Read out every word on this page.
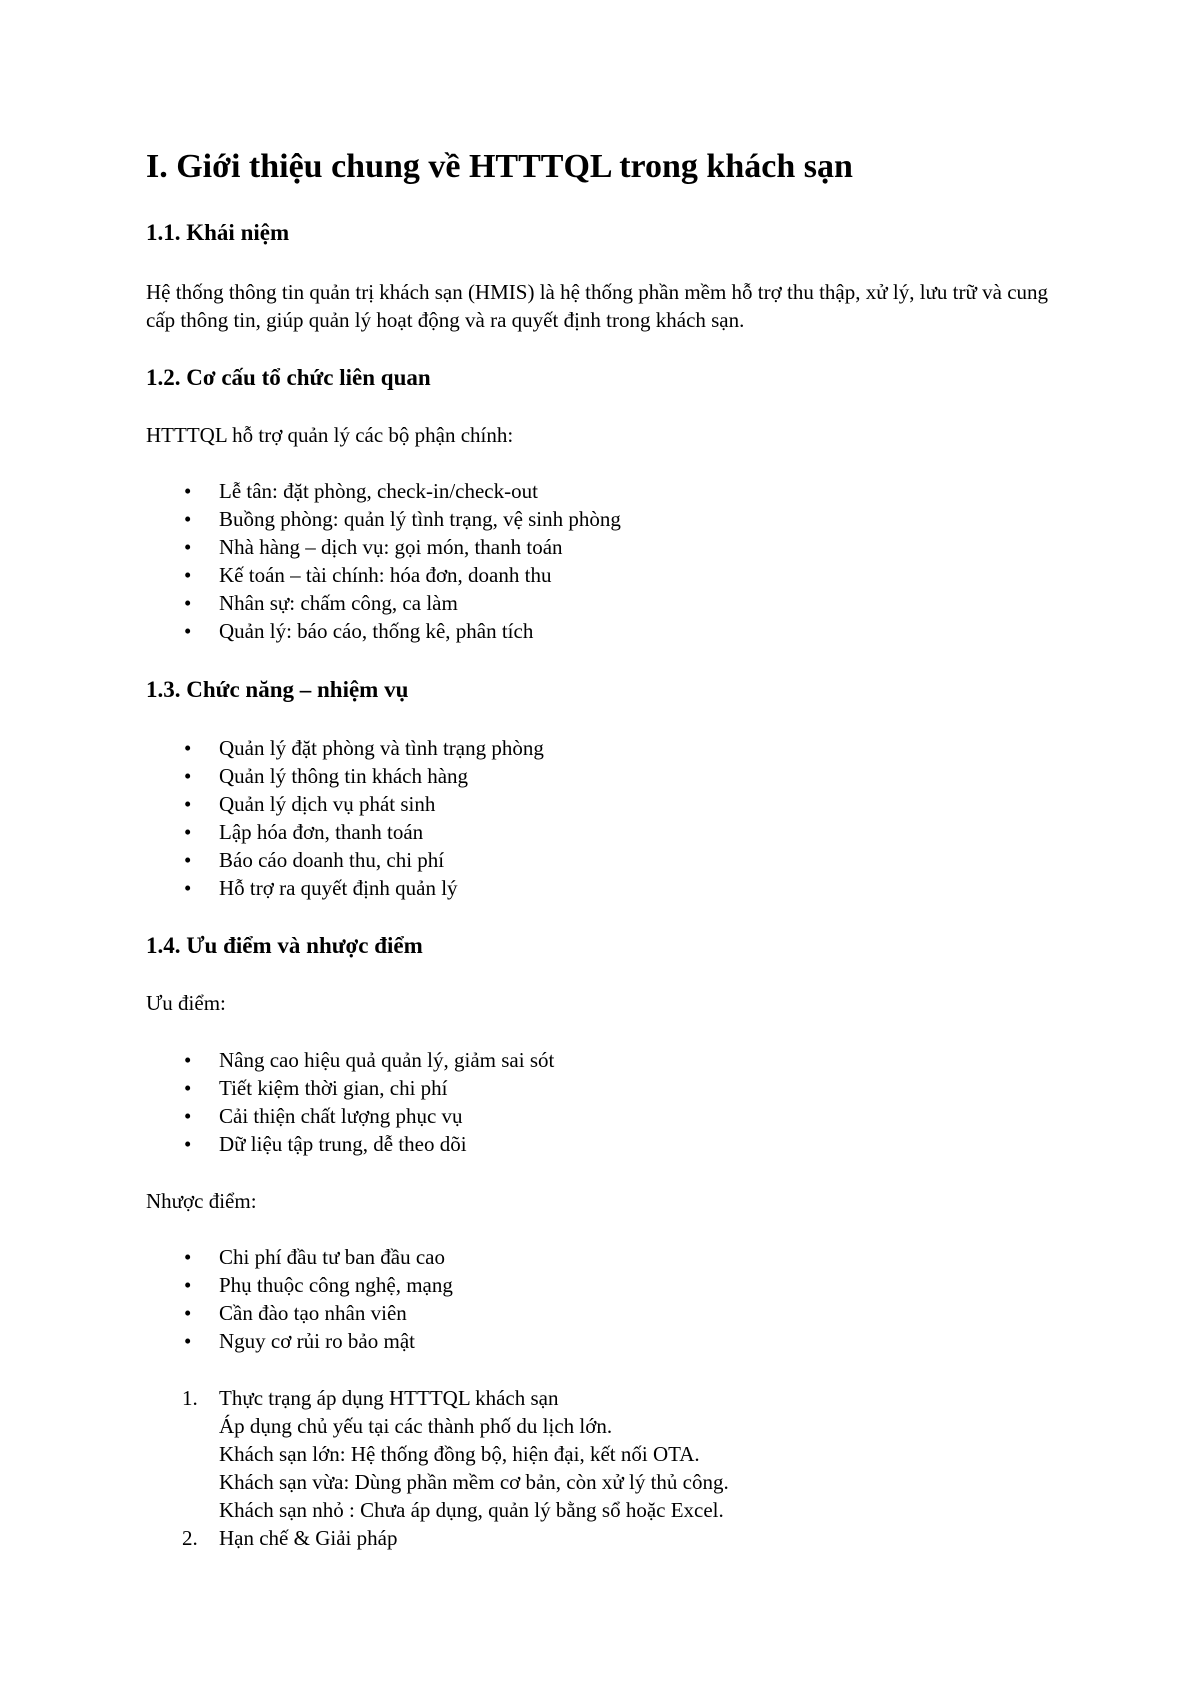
I. Giới thiệu chung về HTTTQL trong khách sạn
1.1. Khái niệm

Hệ thống thông tin quản trị khách sạn (HMIS) là hệ thống phần mềm hỗ trợ thu thập, xử lý, lưu trữ và cung cấp thông tin, giúp quản lý hoạt động và ra quyết định trong khách sạn.

1.2. Cơ cấu tổ chức liên quan

HTTTQL hỗ trợ quản lý các bộ phận chính:

• Lễ tân: đặt phòng, check-in/check-out
• Buồng phòng: quản lý tình trạng, vệ sinh phòng
• Nhà hàng – dịch vụ: gọi món, thanh toán
• Kế toán – tài chính: hóa đơn, doanh thu
• Nhân sự: chấm công, ca làm
• Quản lý: báo cáo, thống kê, phân tích
1.3. Chức năng – nhiệm vụ
• Quản lý đặt phòng và tình trạng phòng
• Quản lý thông tin khách hàng
• Quản lý dịch vụ phát sinh
• Lập hóa đơn, thanh toán
• Báo cáo doanh thu, chi phí
• Hỗ trợ ra quyết định quản lý
1.4. Ưu điểm và nhược điểm

Ưu điểm:

• Nâng cao hiệu quả quản lý, giảm sai sót
• Tiết kiệm thời gian, chi phí
• Cải thiện chất lượng phục vụ
• Dữ liệu tập trung, dễ theo dõi

Nhược điểm:

• Chi phí đầu tư ban đầu cao
• Phụ thuộc công nghệ, mạng
• Cần đào tạo nhân viên
• Nguy cơ rủi ro bảo mật
1. Thực trạng áp dụng HTTTQL khách sạn
Áp dụng chủ yếu tại các thành phố du lịch lớn.
Khách sạn lớn: Hệ thống đồng bộ, hiện đại, kết nối OTA.
Khách sạn vừa: Dùng phần mềm cơ bản, còn xử lý thủ công.
Khách sạn nhỏ : Chưa áp dụng, quản lý bằng sổ hoặc Excel.
2. Hạn chế & Giải pháp
